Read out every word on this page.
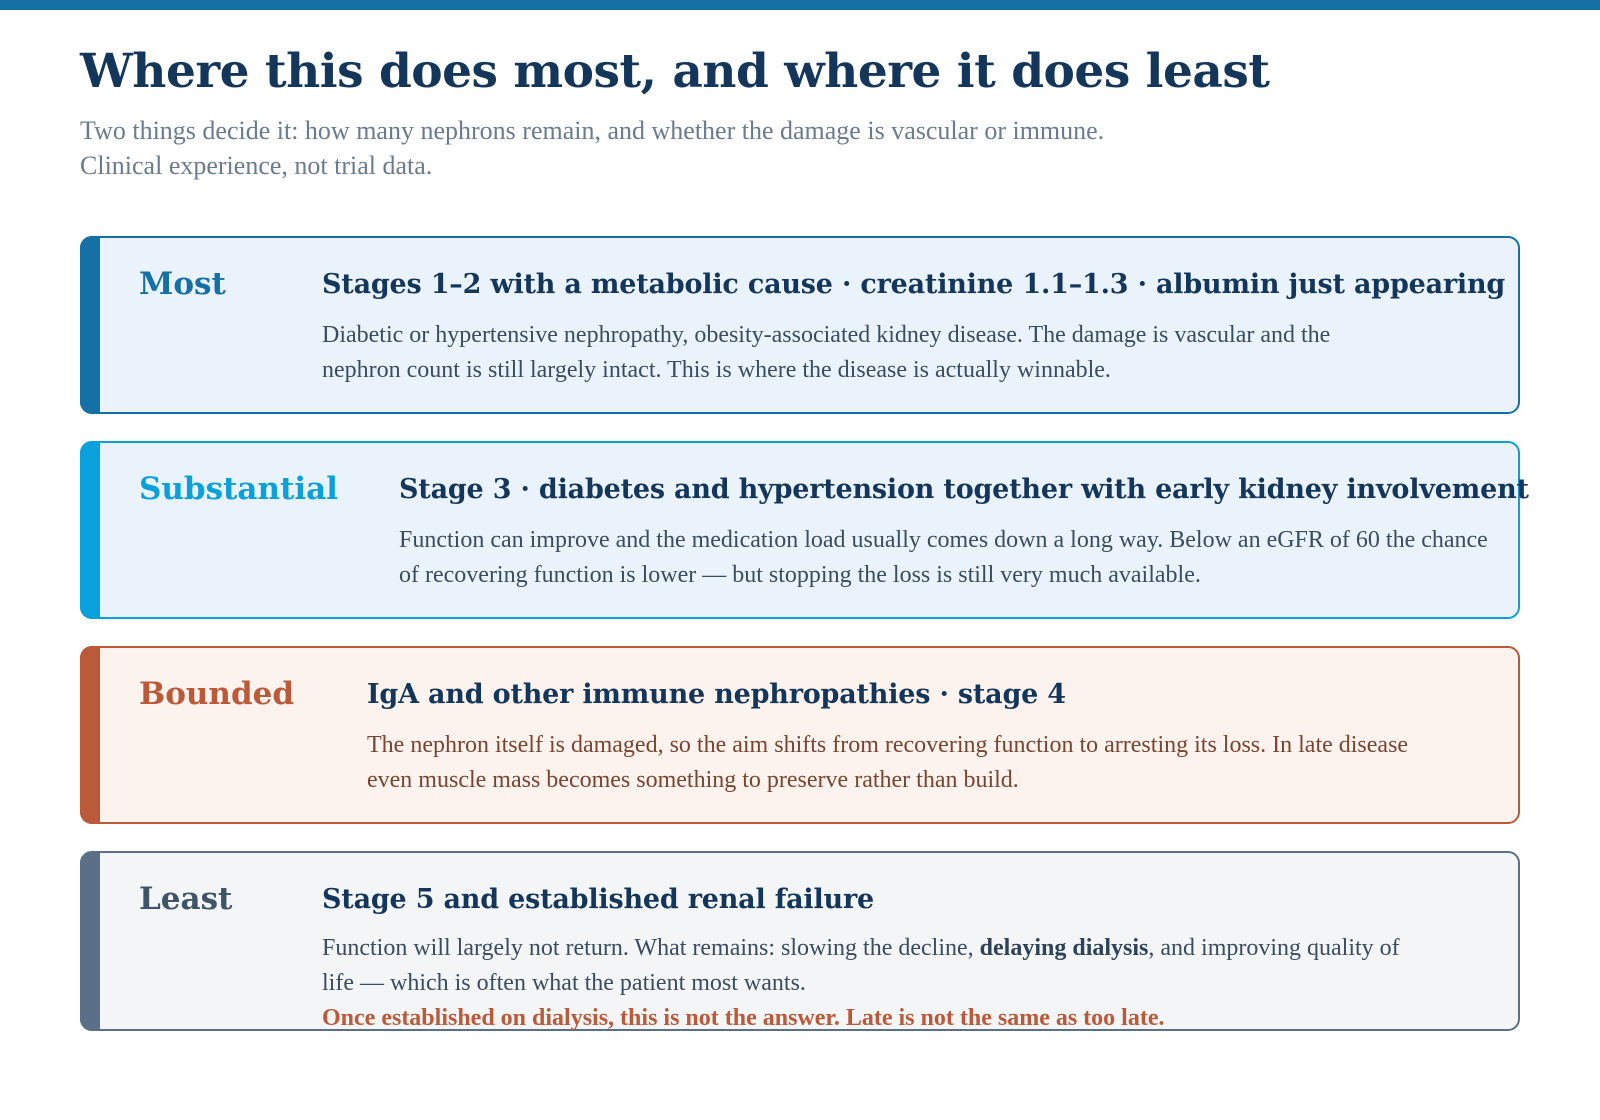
Where this does most, and where it does least

Two things decide it: how many nephrons remain, and whether the damage is vascular or immune. Clinical experience, not trial data.

Most	Stages 1–2 with a metabolic cause · creatinine 1.1–1.3 · albumin just appearing

Diabetic or hypertensive nephropathy, obesity-associated kidney disease. The damage is vascular and the nephron count is still largely intact. This is where the disease is actually winnable.

Substantial Stage 3 · diabetes and hypertension together with early kidney involvement

Function can improve and the medication load usually comes down a long way. Below an eGFR of 60 the chance of recovering function is lower — but stopping the loss is still very much available.

Bounded	IgA and other immune nephropathies · stage 4

The nephron itself is damaged, so the aim shifts from recovering function to arresting its loss. In late disease even muscle mass becomes something to preserve rather than build.

Least	Stage 5 and established renal failure

Function will largely not return. What remains: slowing the decline, delaying dialysis, and improving quality of life — which is often what the patient most wants.

Once established on dialysis, this is not the answer. Late is not the same as too late.
